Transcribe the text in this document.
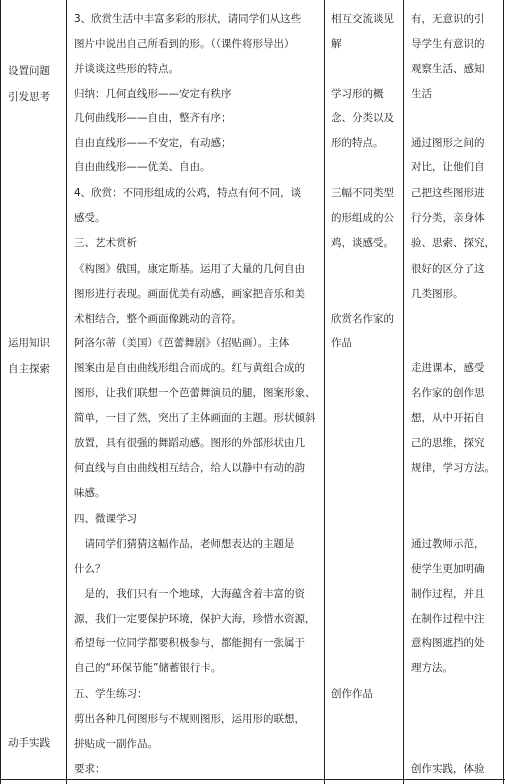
设置问题
引发思考
运用知识
自主探索
动手实践
3、欣赏生活中丰富多彩的形状，请同学们从这些
图片中说出自己所看到的形。（（课件将形导出）
并谈谈这些形的特点。
归纳：几何直线形——安定有秩序
几何曲线形——自由，整齐有序；
自由直线形——不安定，有动感；
自由曲线形——优美、自由。
4、欣赏：不同形组成的公鸡，特点有何不同，谈
感受。
三、艺术赏析
《构图》俄国，康定斯基。运用了大量的几何自由
图形进行表现。画面优美有动感，画家把音乐和美
术相结合，整个画面像跳动的音符。
阿洛尔蒂（美国）《芭蕾舞剧》（招贴画）。主体
图案由是自由曲线形组合而成的。红与黄组合成的
图形，让我们联想一个芭蕾舞演员的腿，图案形象、
简单，一目了然，突出了主体画面的主题。形状倾斜
放置，具有很强的舞蹈动感。图形的外部形状由几
何直线与自由曲线相互结合，给人以静中有动的韵
味感。
四、微课学习
　请同学们猜猜这幅作品，老师想表达的主题是
什么？
　是的，我们只有一个地球，大海蕴含着丰富的资
源，我们一定要保护环境，保护大海，珍惜水资源，
希望每一位同学都要积极参与，都能拥有一张属于
自己的“环保节能”储蓄银行卡。
五、学生练习：
剪出各种几何图形与不规则图形，运用形的联想，
拼贴成一副作品。
要求：
相互交流谈见
解
学习形的概
念、分类以及
形的特点。
三幅不同类型
的形组成的公
鸡，谈感受。
欣赏名作家的
作品
创作作品
有，无意识的引
导学生有意识的
观察生活、感知
生活
通过图形之间的
对比，让他们自
己把这些图形进
行分类，亲身体
验、思索、探究，
很好的区分了这
几类图形。
走进课本，感受
名作家的创作思
想，从中开拓自
己的思维，探究
规律，学习方法。
通过教师示范，
使学生更加明确
制作过程，并且
在制作过程中注
意构图遮挡的处
理方法。
创作实践，体验
